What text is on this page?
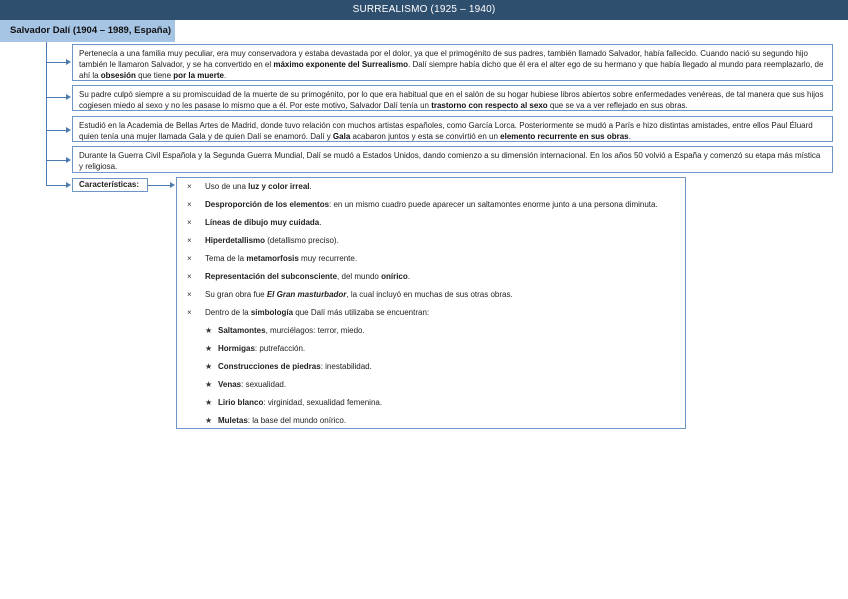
SURREALISMO (1925 – 1940)
Salvador Dalí (1904 – 1989, España)
Pertenecía a una familia muy peculiar, era muy conservadora y estaba devastada por el dolor, ya que el primogénito de sus padres, también llamado Salvador, había fallecido. Cuando nació su segundo hijo también le llamaron Salvador, y se ha convertido en el máximo exponente del Surrealismo. Dalí siempre había dicho que él era el alter ego de su hermano y que había llegado al mundo para reemplazarlo, de ahí la obsesión que tiene por la muerte.
Su padre culpó siempre a su promiscuidad de la muerte de su primogénito, por lo que era habitual que en el salón de su hogar hubiese libros abiertos sobre enfermedades venéreas, de tal manera que sus hijos cogiesen miedo al sexo y no les pasase lo mismo que a él. Por este motivo, Salvador Dalí tenía un trastorno con respecto al sexo que se va a ver reflejado en sus obras.
Estudió en la Academia de Bellas Artes de Madrid, donde tuvo relación con muchos artistas españoles, como García Lorca. Posteriormente se mudó a París e hizo distintas amistades, entre ellos Paul Éluard quien tenía una mujer llamada Gala y de quien Dalí se enamoró. Dalí y Gala acabaron juntos y esta se convirtió en un elemento recurrente en sus obras.
Durante la Guerra Civil Española y la Segunda Guerra Mundial, Dalí se mudó a Estados Unidos, dando comienzo a su dimensión internacional. En los años 50 volvió a España y comenzó su etapa más mística y religiosa.
Características:	× Uso de una luz y color irreal.
× Desproporción de los elementos: en un mismo cuadro puede aparecer un saltamontes enorme junto a una persona diminuta.
× Líneas de dibujo muy cuidada.
× Hiperdetallismo (detallismo preciso).
× Tema de la metamorfosis muy recurrente.
× Representación del subconsciente, del mundo onírico.
× Su gran obra fue El Gran masturbador, la cual incluyó en muchas de sus otras obras.
× Dentro de la simbología que Dalí más utilizaba se encuentran:
★ Saltamontes, murciélagos: terror, miedo.
★ Hormigas: putrefacción.
★ Construcciones de piedras: inestabilidad.
★ Venas: sexualidad.
★ Lirio blanco: virginidad, sexualidad femenina.
★ Muletas: la base del mundo onírico.
